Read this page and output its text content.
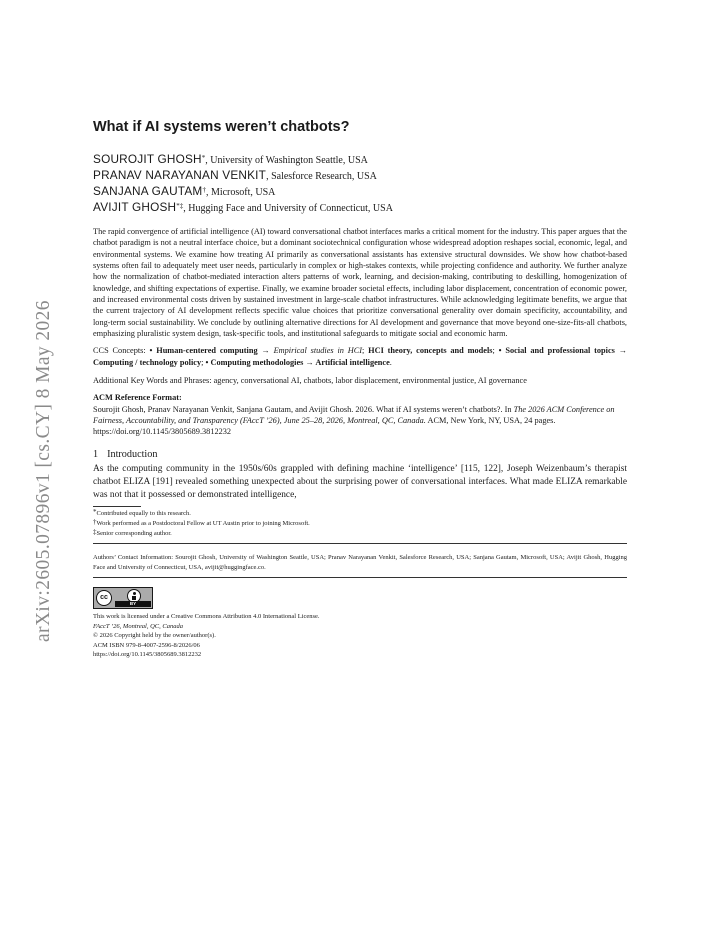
arXiv:2605.07896v1 [cs.CY] 8 May 2026
What if AI systems weren’t chatbots?
SOUROJIT GHOSH*, University of Washington Seattle, USA
PRANAV NARAYANAN VENKIT, Salesforce Research, USA
SANJANA GAUTAM†, Microsoft, USA
AVIJIT GHOSH*‡, Hugging Face and University of Connecticut, USA
The rapid convergence of artificial intelligence (AI) toward conversational chatbot interfaces marks a critical moment for the industry. This paper argues that the chatbot paradigm is not a neutral interface choice, but a dominant sociotechnical configuration whose widespread adoption reshapes social, economic, legal, and environmental systems. We examine how treating AI primarily as conversational assistants has extensive structural downsides. We show how chatbot-based systems often fail to adequately meet user needs, particularly in complex or high-stakes contexts, while projecting confidence and authority. We further analyze how the normalization of chatbot-mediated interaction alters patterns of work, learning, and decision-making, contributing to deskilling, homogenization of knowledge, and shifting expectations of expertise. Finally, we examine broader societal effects, including labor displacement, concentration of economic power, and increased environmental costs driven by sustained investment in large-scale chatbot infrastructures. While acknowledging legitimate benefits, we argue that the current trajectory of AI development reflects specific value choices that prioritize conversational generality over domain specificity, accountability, and long-term social sustainability. We conclude by outlining alternative directions for AI development and governance that move beyond one-size-fits-all chatbots, emphasizing pluralistic system design, task-specific tools, and institutional safeguards to mitigate social and economic harm.
CCS Concepts: • Human-centered computing → Empirical studies in HCI; HCI theory, concepts and models; • Social and professional topics → Computing / technology policy; • Computing methodologies → Artificial intelligence.
Additional Key Words and Phrases: agency, conversational AI, chatbots, labor displacement, environmental justice, AI governance
ACM Reference Format:
Sourojit Ghosh, Pranav Narayanan Venkit, Sanjana Gautam, and Avijit Ghosh. 2026. What if AI systems weren’t chatbots?. In The 2026 ACM Conference on Fairness, Accountability, and Transparency (FAccT ’26), June 25–28, 2026, Montreal, QC, Canada. ACM, New York, NY, USA, 24 pages. https://doi.org/10.1145/3805689.3812232
1 Introduction
As the computing community in the 1950s/60s grappled with defining machine ‘intelligence’ [115, 122], Joseph Weizenbaum’s therapist chatbot ELIZA [191] revealed something unexpected about the surprising power of conversational interfaces. What made ELIZA remarkable was not that it possessed or demonstrated intelligence,
*Contributed equally to this research.
†Work performed as a Postdoctoral Fellow at UT Austin prior to joining Microsoft.
‡Senior corresponding author.
Authors’ Contact Information: Sourojit Ghosh, University of Washington Seattle, USA; Pranav Narayanan Venkit, Salesforce Research, USA; Sanjana Gautam, Microsoft, USA; Avijit Ghosh, Hugging Face and University of Connecticut, USA, avijit@huggingface.co.
cc
BY
This work is licensed under a Creative Commons Attribution 4.0 International License.
FAccT ’26, Montreal, QC, Canada
© 2026 Copyright held by the owner/author(s).
ACM ISBN 979-8-4007-2596-8/2026/06
https://doi.org/10.1145/3805689.3812232
